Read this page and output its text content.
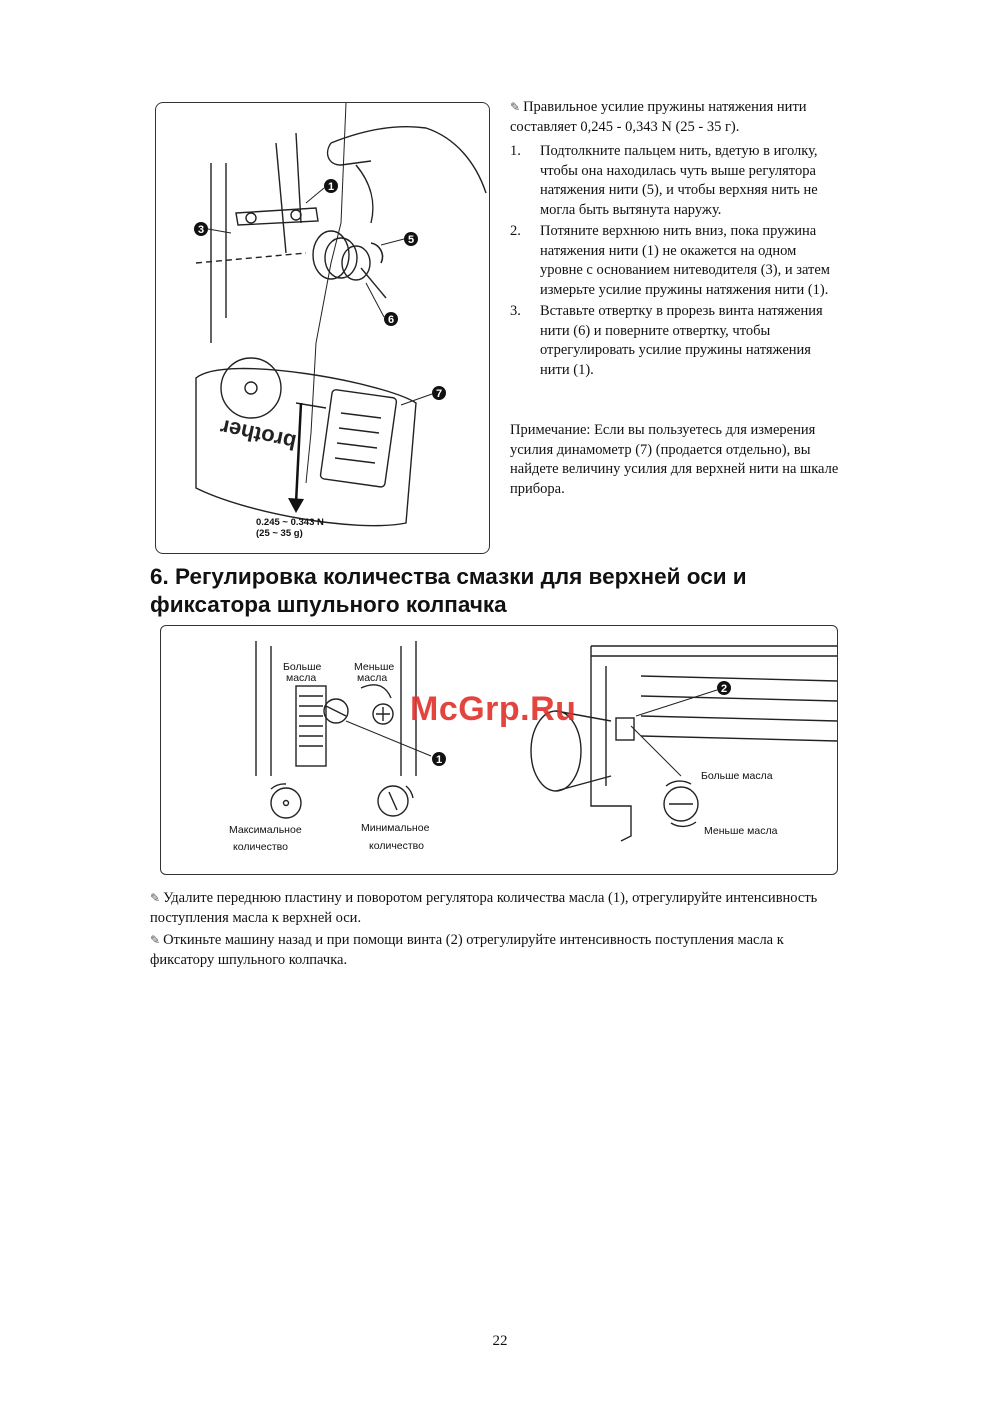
brother
1
3
5
6
7
0.245 ~ 0.343 N
(25 ~ 35 g)
✎ Правильное усилие пружины натяжения нити составляет 0,245 - 0,343 N (25 - 35 г).
1. Подтолкните пальцем нить, вдетую в иголку, чтобы она находилась чуть выше регулятора натяжения нити (5), и чтобы верхняя нить не могла быть вытянута наружу.
2. Потяните верхнюю нить вниз, пока пружина натяжения нити (1) не окажется на одном уровне с основанием нитеводителя (3), и затем измерьте усилие пружины натяжения нити (1).
3. Вставьте отвертку в прорезь винта натяжения нити (6) и поверните отвертку, чтобы отрегулировать усилие пружины натяжения нити (1).
Примечание: Если вы пользуетесь для измерения усилия динамометр (7) (продается отдельно), вы найдете величину усилия для верхней нити на шкале прибора.
6. Регулировка количества смазки для верхней оси и фиксатора шпульного колпачка
1
2
Больше
масла
Меньше
масла
Максимальное
количество
Минимальное
количество
Больше масла
Меньше масла
McGrp.Ru
✎ Удалите переднюю пластину и поворотом регулятора количества масла (1), отрегулируйте интенсивность поступления масла к верхней оси.
✎ Откиньте машину назад и при помощи винта (2) отрегулируйте интенсивность поступления масла к фиксатору шпульного колпачка.
22
